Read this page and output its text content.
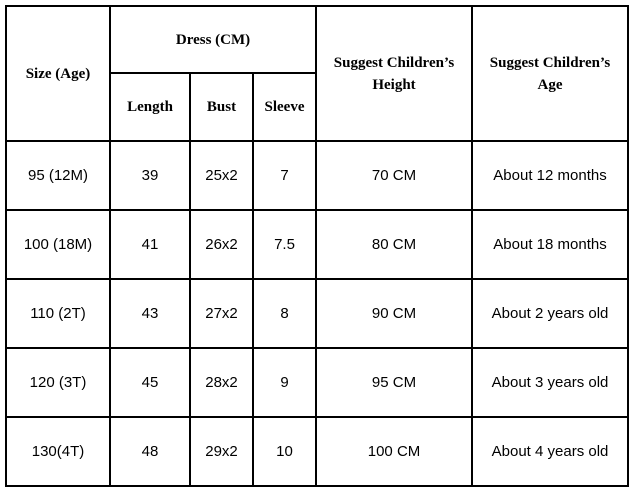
Size (Age)	Dress (CM)			Suggest Children’s Height	Suggest Children’s Age
	Length	Bust	Sleeve		
95 (12M)	39	25x2	7	70 CM	About 12 months
100 (18M)	41	26x2	7.5	80 CM	About 18 months
110 (2T)	43	27x2	8	90 CM	About 2 years old
120 (3T)	45	28x2	9	95 CM	About 3 years old
130(4T)	48	29x2	10	100 CM	About 4 years old
